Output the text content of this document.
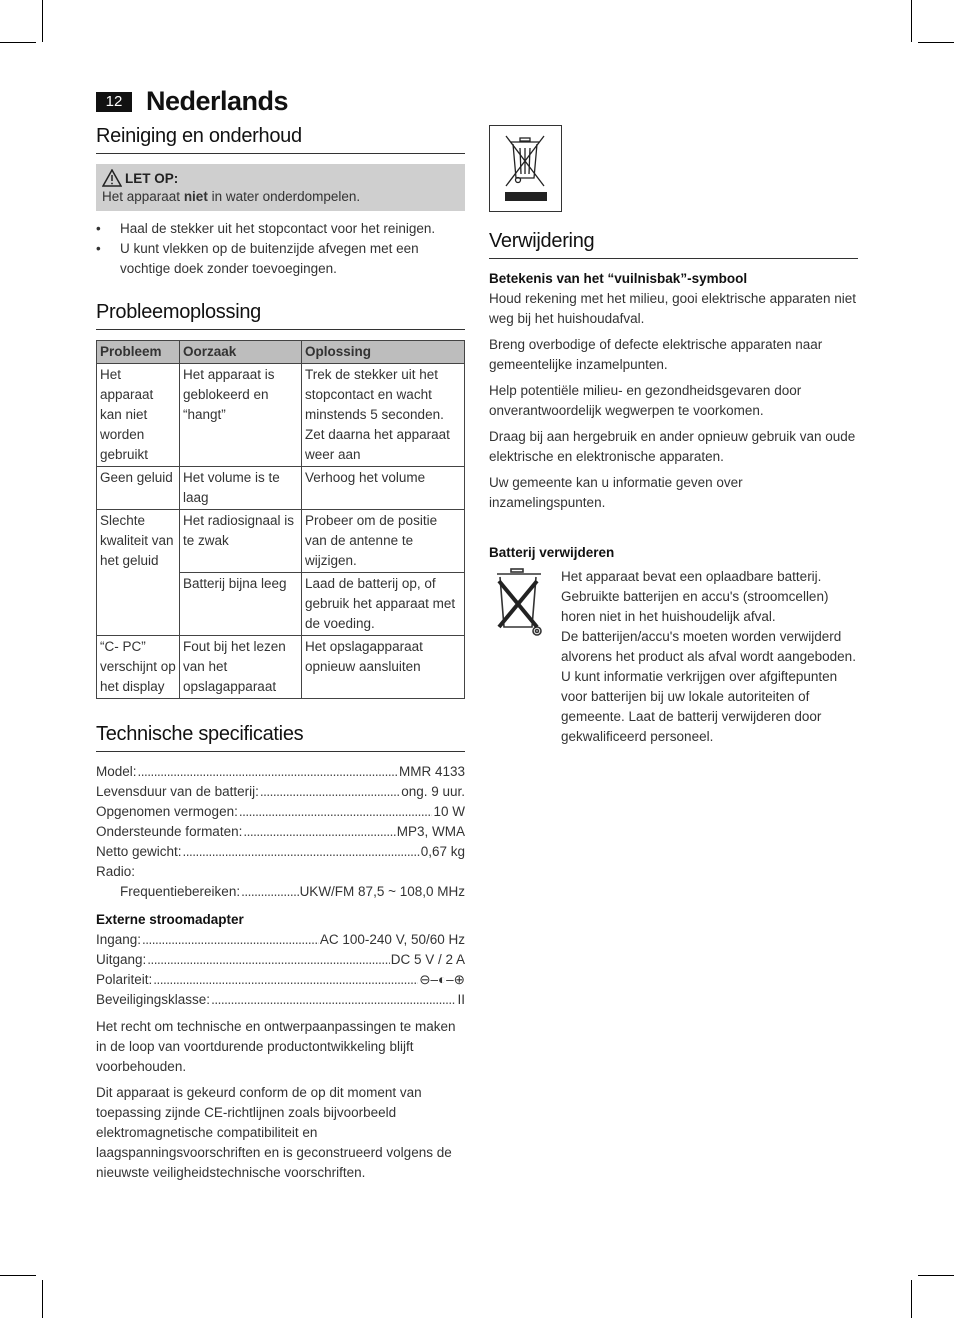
12 Nederlands
Reiniging en onderhoud
LET OP:

Het apparaat niet in water onderdompelen.

• Haal de stekker uit het stopcontact voor het reinigen.
• U kunt vlekken op de buitenzijde afvegen met een vochtige doek zonder toevoegingen.
Probleemoplossing
Probleem	Oorzaak	Oplossing
Het apparaat kan niet worden gebruikt	Het apparaat is geblokeerd en “hangt”	Trek de stekker uit het stopcontact en wacht minstends 5 seconden. Zet daarna het apparaat weer aan
Geen geluid	Het volume is te laag	Verhoog het volume
Slechte kwaliteit van het geluid	Het radiosignaal is te zwak	Probeer om de positie van de antenne te wijzigen.
	Batterij bijna leeg	Laad de batterij op, of gebruik het apparaat met de voeding.
“C- PC” verschijnt op het display	Fout bij het lezen van het opslagapparaat	Het opslagapparaat opnieuw aansluiten
Technische specificaties
Model: .....	MMR 4133
Levensduur van de batterij: .....	ong. 9 uur.
Opgenomen vermogen: .....	10 W
Ondersteunde formaten: .....	MP3, WMA
Netto gewicht: .....	0,67 kg
Radio:
Frequentiebereiken: .....	UKW/FM 87,5 ~ 108,0 MHz
Externe stroomadapter
Ingang: .....	AC 100-240 V, 50/60 Hz
Uitgang: .....	DC 5 V / 2 A
Polariteit: .....	⊖–◐–⊕
Beveiligingsklasse: .....	II

Het recht om technische en ontwerpaanpassingen te maken in de loop van voortdurende productontwikkeling blijft voorbehouden.

Dit apparaat is gekeurd conform de op dit moment van toepassing zijnde CE-richtlijnen zoals bijvoorbeeld elektromagnetische compatibiliteit en laagspanningsvoorschriften en is geconstrueerd volgens de nieuwste veiligheidstechnische voorschriften.

Verwijdering
Betekenis van het “vuilnisbak”-symbool

Houd rekening met het milieu, gooi elektrische apparaten niet weg bij het huishoudafval.

Breng overbodige of defecte elektrische apparaten naar gemeentelijke inzamelpunten.

Help potentiële milieu- en gezondheidsgevaren door onverantwoordelijk wegwerpen te voorkomen.

Draag bij aan hergebruik en ander opnieuw gebruik van oude elektrische en elektronische apparaten.

Uw gemeente kan u informatie geven over inzamelingspunten.

Batterij verwijderen

Het apparaat bevat een oplaadbare batterij. Gebruikte batterijen en accu's (stroomcellen) horen niet in het huishoudelijk afval.

De batterijen/accu's moeten worden verwijderd alvorens het product als afval wordt aangeboden. U kunt informatie verkrijgen over afgiftepunten voor batterijen bij uw lokale autoriteiten of gemeente. Laat de batterij verwijderen door gekwalificeerd personeel.
